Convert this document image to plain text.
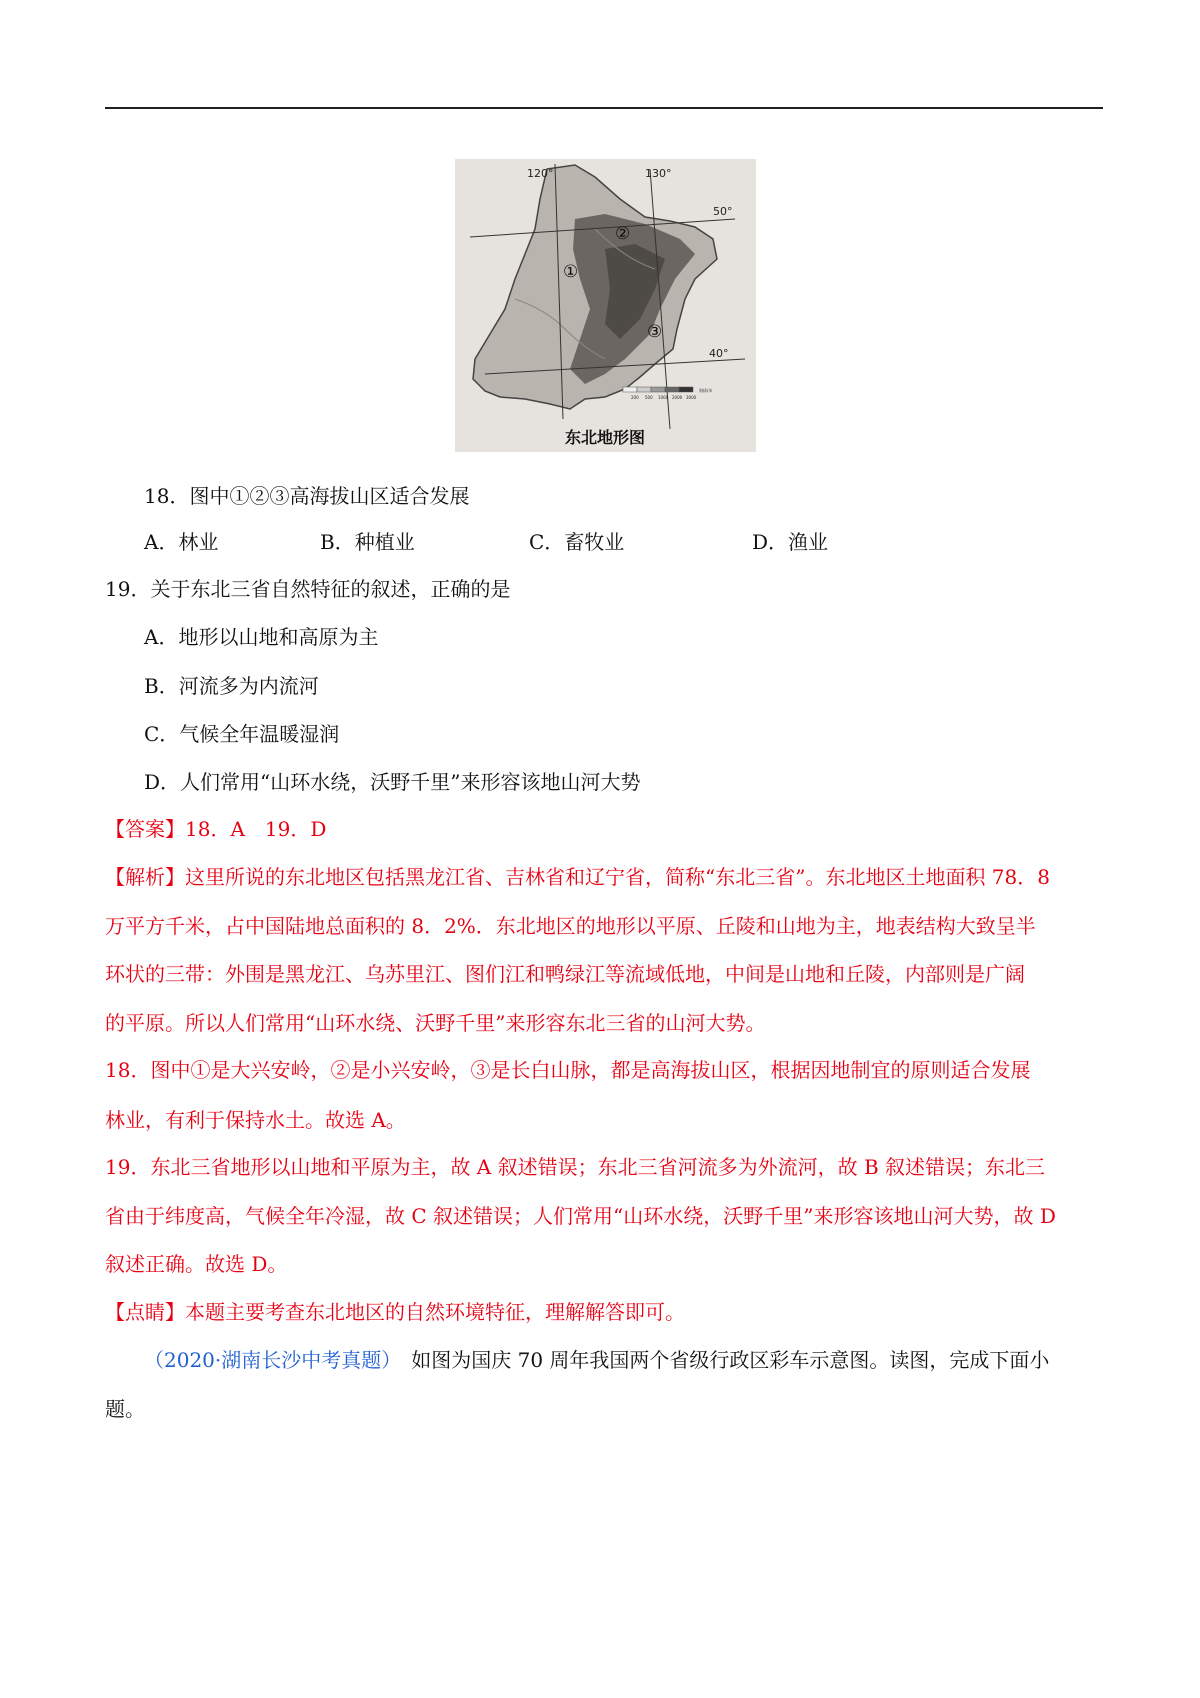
200 500 1000 2000 3000
海拔/米
120°	130°
50°
40°
①
②
③
东北地形图
18．图中①②③高海拔山区适合发展
A．林业	B．种植业	C．畜牧业	D．渔业
19．关于东北三省自然特征的叙述，正确的是
A．地形以山地和高原为主
B．河流多为内流河
C．气候全年温暖湿润
D．人们常用“山环水绕，沃野千里”来形容该地山河大势
【答案】18．A　19．D
【解析】这里所说的东北地区包括黑龙江省、吉林省和辽宁省，简称“东北三省”。东北地区土地面积 78．8
万平方千米，占中国陆地总面积的 8．2%．东北地区的地形以平原、丘陵和山地为主，地表结构大致呈半
环状的三带：外围是黑龙江、乌苏里江、图们江和鸭绿江等流域低地，中间是山地和丘陵，内部则是广阔
的平原。所以人们常用“山环水绕、沃野千里”来形容东北三省的山河大势。
18．图中①是大兴安岭，②是小兴安岭，③是长白山脉，都是高海拔山区，根据因地制宜的原则适合发展
林业，有利于保持水土。故选 A。
19．东北三省地形以山地和平原为主，故 A 叙述错误；东北三省河流多为外流河，故 B 叙述错误；东北三
省由于纬度高，气候全年冷湿，故 C 叙述错误；人们常用“山环水绕，沃野千里”来形容该地山河大势，故 D
叙述正确。故选 D。
【点睛】本题主要考查东北地区的自然环境特征，理解解答即可。
（2020·湖南长沙中考真题）　如图为国庆 70 周年我国两个省级行政区彩车示意图。读图，完成下面小
题。
